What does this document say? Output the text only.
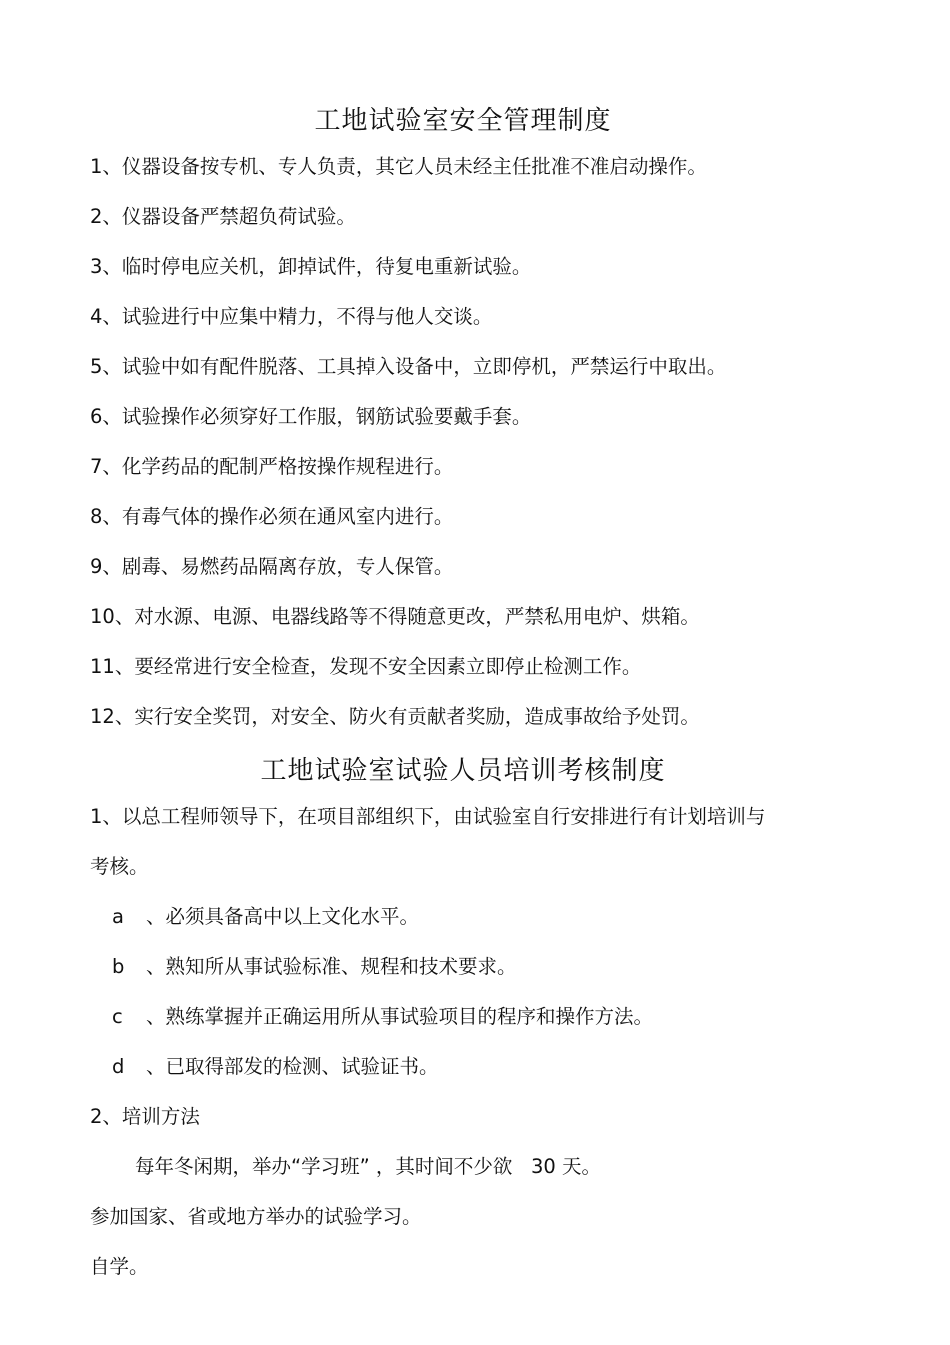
工地试验室安全管理制度
1、仪器设备按专机、专人负责，其它人员未经主任批准不准启动操作。
2、仪器设备严禁超负荷试验。
3、临时停电应关机，卸掉试件，待复电重新试验。
4、试验进行中应集中精力，不得与他人交谈。
5、试验中如有配件脱落、工具掉入设备中，立即停机，严禁运行中取出。
6、试验操作必须穿好工作服，钢筋试验要戴手套。
7、化学药品的配制严格按操作规程进行。
8、有毒气体的操作必须在通风室内进行。
9、剧毒、易燃药品隔离存放，专人保管。
10、对水源、电源、电器线路等不得随意更改，严禁私用电炉、烘箱。
11、要经常进行安全检查，发现不安全因素立即停止检测工作。
12、实行安全奖罚，对安全、防火有贡献者奖励，造成事故给予处罚。
工地试验室试验人员培训考核制度
1、以总工程师领导下，在项目部组织下，由试验室自行安排进行有计划培训与
考核。
a 、必须具备高中以上文化水平。
b 、熟知所从事试验标准、规程和技术要求。
c 、熟练掌握并正确运用所从事试验项目的程序和操作方法。
d 、已取得部发的检测、试验证书。
2、培训方法
每年冬闲期，举办“学习班” ，其时间不少欲   30 天。
参加国家、省或地方举办的试验学习。
自学。
